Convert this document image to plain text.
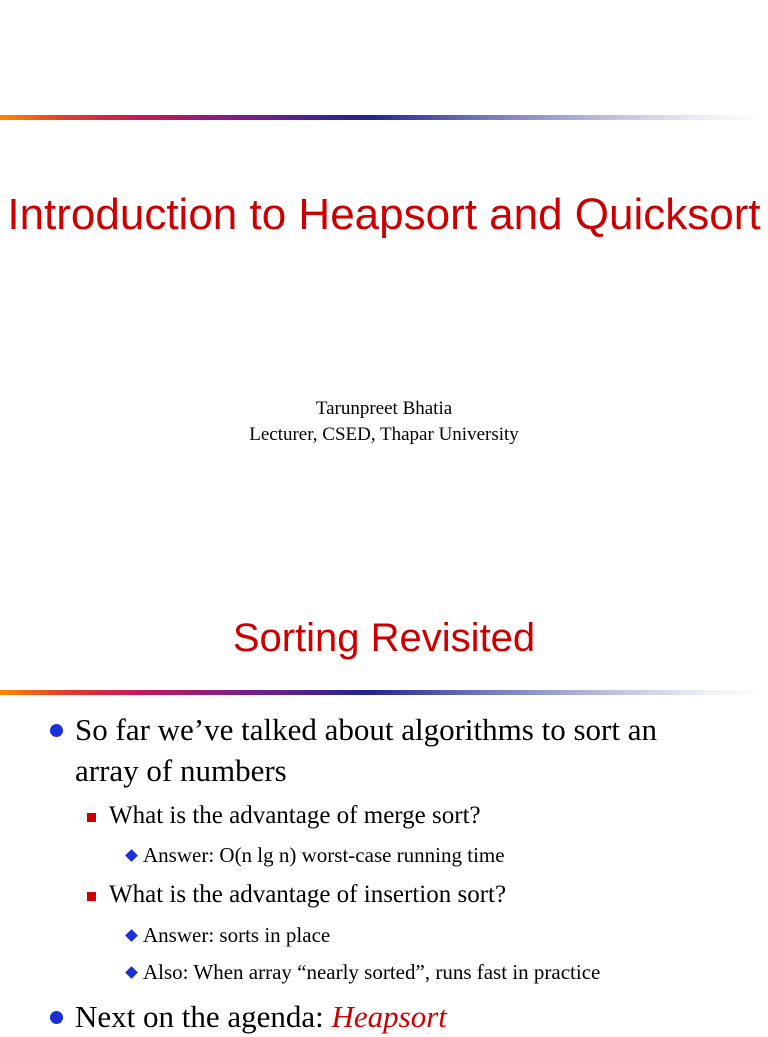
Introduction to Heapsort and Quicksort
Tarunpreet Bhatia
Lecturer, CSED, Thapar University
Sorting Revisited
So far we’ve talked about algorithms to sort an
array of numbers
What is the advantage of merge sort?
Answer: O(n lg n) worst-case running time
What is the advantage of insertion sort?
Answer: sorts in place
Also: When array “nearly sorted”, runs fast in practice
Next on the agenda: Heapsort
